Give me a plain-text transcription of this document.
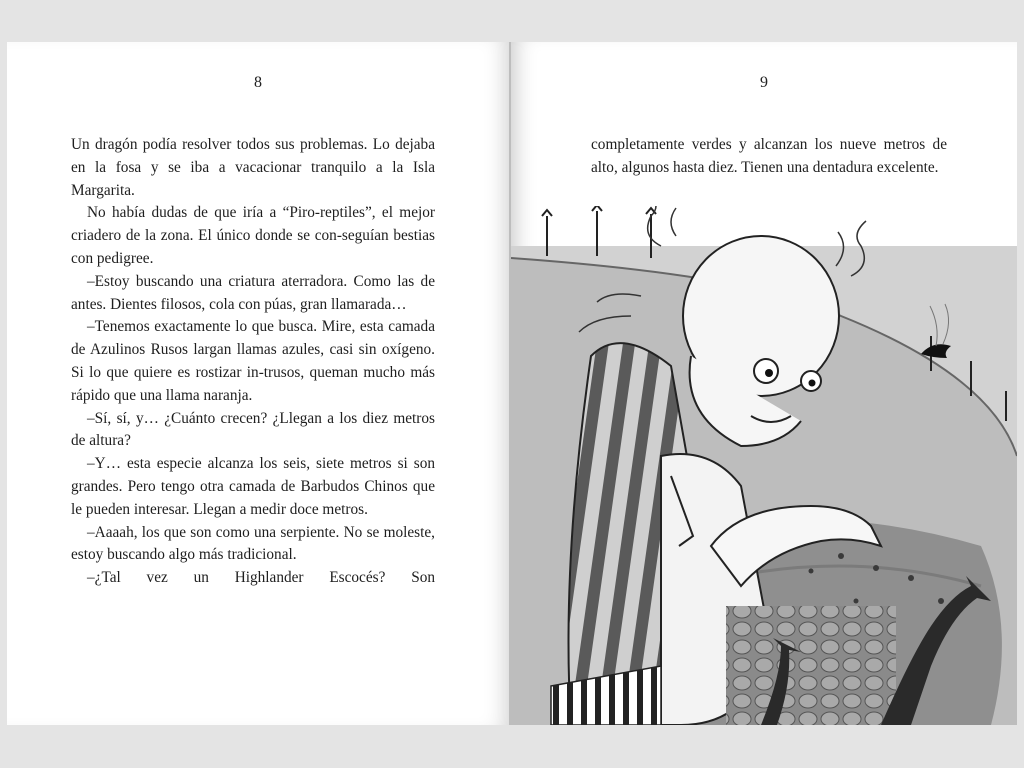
8

Un dragón podía resolver todos sus problemas. Lo dejaba en la fosa y se iba a vacacionar tranquilo a la Isla Margarita.

No había dudas de que iría a “Piro-reptiles”, el mejor criadero de la zona. El único donde se con-seguían bestias con pedigree.

–Estoy buscando una criatura aterradora. Como las de antes. Dientes filosos, cola con púas, gran llamarada…

–Tenemos exactamente lo que busca. Mire, esta camada de Azulinos Rusos largan llamas azules, casi sin oxígeno. Si lo que quiere es rostizar in-trusos, queman mucho más rápido que una llama naranja.

–Sí, sí, y… ¿Cuánto crecen? ¿Llegan a los diez metros de altura?

–Y… esta especie alcanza los seis, siete metros si son grandes. Pero tengo otra camada de Barbudos Chinos que le pueden interesar. Llegan a medir doce metros.

–Aaaah, los que son como una serpiente. No se moleste, estoy buscando algo más tradicional.

–¿Tal vez un Highlander Escocés? Son

9

completamente verdes y alcanzan los nueve metros de alto, algunos hasta diez. Tienen una dentadura excelente.
